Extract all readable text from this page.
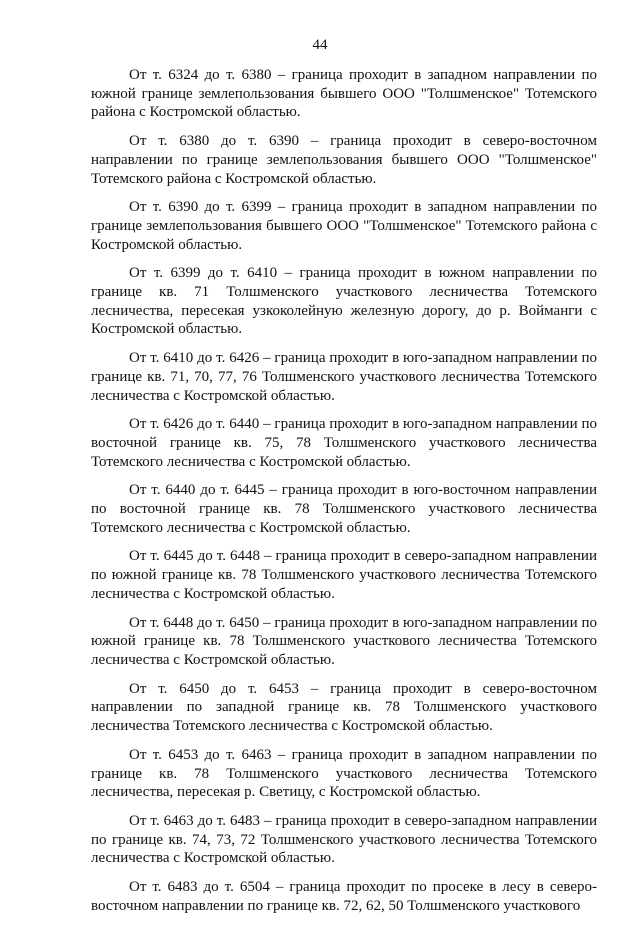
44

От т. 6324 до т. 6380 – граница проходит в западном направлении по южной границе землепользования бывшего ООО "Толшменское" Тотемского района с Костромской областью.

От т. 6380 до т. 6390 – граница проходит в северо-восточном направлении по границе землепользования бывшего ООО "Толшменское" Тотемского района с Костромской областью.

От т. 6390 до т. 6399 – граница проходит в западном направлении по границе землепользования бывшего ООО "Толшменское" Тотемского района с Костромской областью.

От т. 6399 до т. 6410 – граница проходит в южном направлении по границе кв. 71 Толшменского участкового лесничества Тотемского лесничества, пересекая узкоколейную железную дорогу, до р. Войманги с Костромской областью.

От т. 6410 до т. 6426 – граница проходит в юго-западном направлении по границе кв. 71, 70, 77, 76 Толшменского участкового лесничества Тотемского лесничества с Костромской областью.

От т. 6426 до т. 6440 – граница проходит в юго-западном направлении по восточной границе кв. 75, 78 Толшменского участкового лесничества Тотемского лесничества с Костромской областью.

От т. 6440 до т. 6445 – граница проходит в юго-восточном направлении по восточной границе кв. 78 Толшменского участкового лесничества Тотемского лесничества с Костромской областью.

От т. 6445 до т. 6448 – граница проходит в северо-западном направлении по южной границе кв. 78 Толшменского участкового лесничества Тотемского лесничества с Костромской областью.

От т. 6448 до т. 6450 – граница проходит в юго-западном направлении по южной границе кв. 78 Толшменского участкового лесничества Тотемского лесничества с Костромской областью.

От т. 6450 до т. 6453 – граница проходит в северо-восточном направлении по западной границе кв. 78 Толшменского участкового лесничества Тотемского лесничества с Костромской областью.

От т. 6453 до т. 6463 – граница проходит в западном направлении по границе кв. 78 Толшменского участкового лесничества Тотемского лесничества, пересекая р. Светицу, с Костромской областью.

От т. 6463 до т. 6483 – граница проходит в северо-западном направлении по границе кв. 74, 73, 72 Толшменского участкового лесничества Тотемского лесничества с Костромской областью.

От т. 6483 до т. 6504 – граница проходит по просеке в лесу в северо-восточном направлении по границе кв. 72, 62, 50 Толшменского участкового
